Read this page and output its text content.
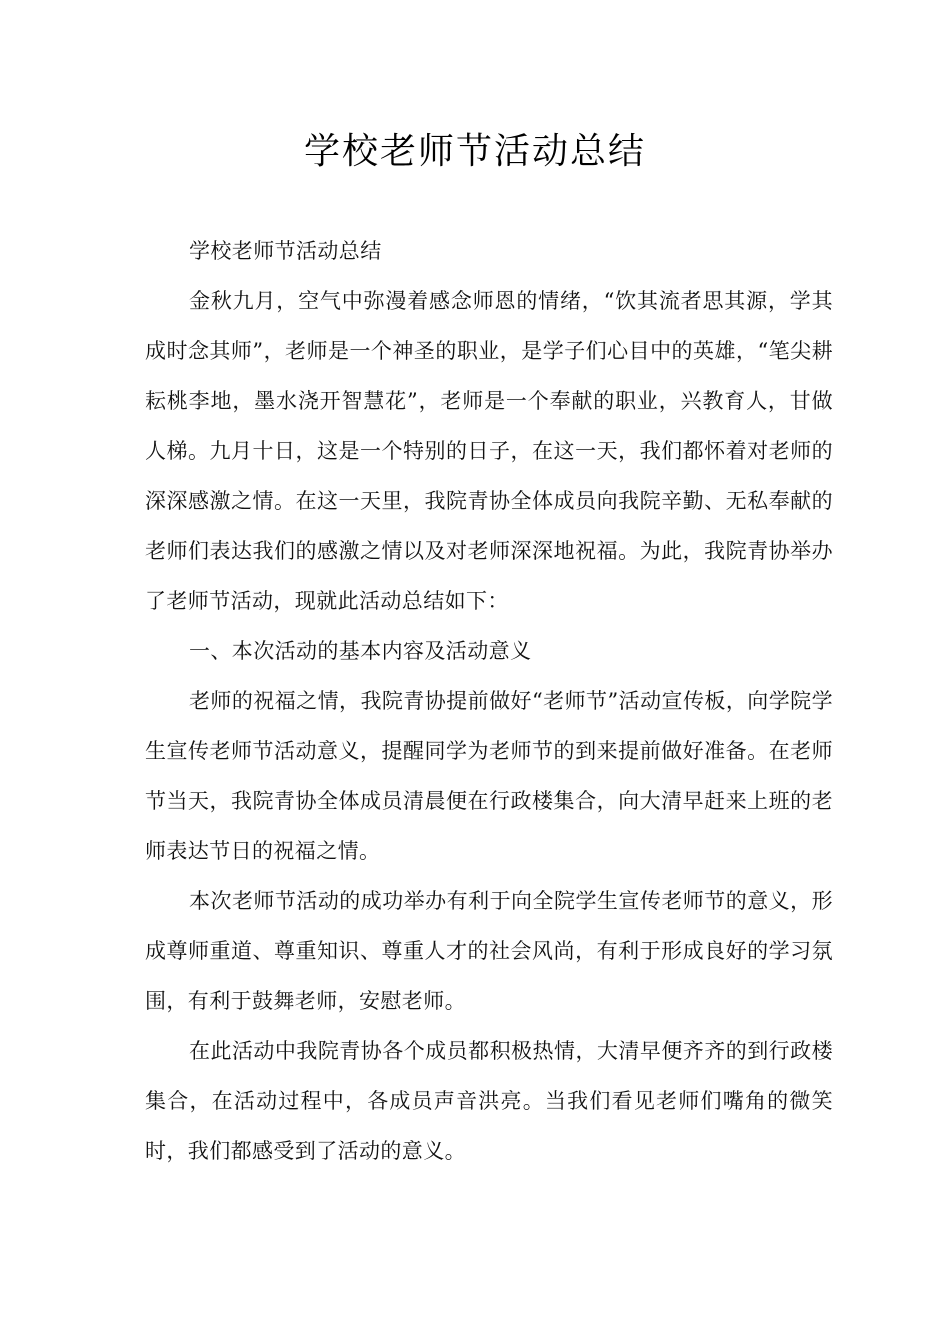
学校老师节活动总结

学校老师节活动总结

金秋九月，空气中弥漫着感念师恩的情绪，“饮其流者思其源，学其成时念其师”，老师是一个神圣的职业，是学子们心目中的英雄，“笔尖耕耘桃李地，墨水浇开智慧花”，老师是一个奉献的职业，兴教育人，甘做人梯。九月十日，这是一个特别的日子，在这一天，我们都怀着对老师的深深感激之情。在这一天里，我院青协全体成员向我院辛勤、无私奉献的老师们表达我们的感激之情以及对老师深深地祝福。为此，我院青协举办了老师节活动，现就此活动总结如下：

一、本次活动的基本内容及活动意义

老师的祝福之情，我院青协提前做好“老师节”活动宣传板，向学院学生宣传老师节活动意义，提醒同学为老师节的到来提前做好准备。在老师节当天，我院青协全体成员清晨便在行政楼集合，向大清早赶来上班的老师表达节日的祝福之情。

本次老师节活动的成功举办有利于向全院学生宣传老师节的意义，形成尊师重道、尊重知识、尊重人才的社会风尚，有利于形成良好的学习氛围，有利于鼓舞老师，安慰老师。

在此活动中我院青协各个成员都积极热情，大清早便齐齐的到行政楼集合，在活动过程中，各成员声音洪亮。当我们看见老师们嘴角的微笑时，我们都感受到了活动的意义。
